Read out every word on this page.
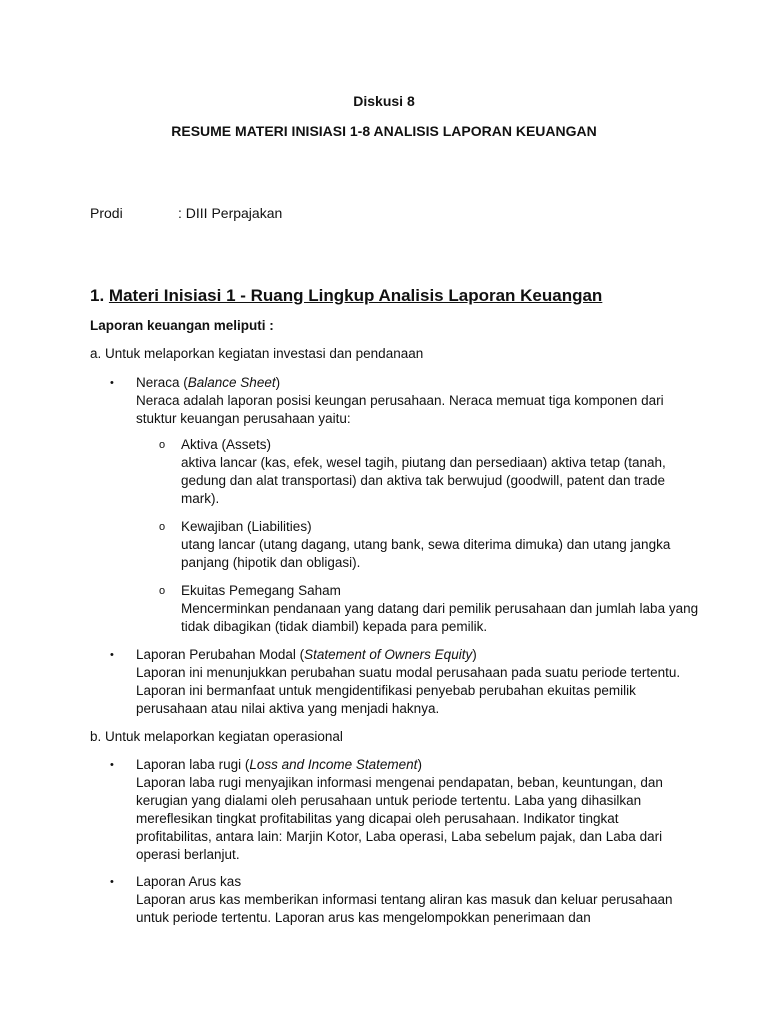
Diskusi 8
RESUME MATERI INISIASI 1-8 ANALISIS LAPORAN KEUANGAN
Prodi	: DIII Perpajakan
1. Materi Inisiasi 1 - Ruang Lingkup Analisis Laporan Keuangan
Laporan keuangan meliputi :
a. Untuk melaporkan kegiatan investasi dan pendanaan
• Neraca (Balance Sheet)
Neraca adalah laporan posisi keungan perusahaan. Neraca memuat tiga komponen dari stuktur keuangan perusahaan yaitu:
o Aktiva (Assets)
aktiva lancar (kas, efek, wesel tagih, piutang dan persediaan) aktiva tetap (tanah, gedung dan alat transportasi) dan aktiva tak berwujud (goodwill, patent dan trade mark).
o Kewajiban (Liabilities)
utang lancar (utang dagang, utang bank, sewa diterima dimuka) dan utang jangka panjang (hipotik dan obligasi).
o Ekuitas Pemegang Saham
Mencerminkan pendanaan yang datang dari pemilik perusahaan dan jumlah laba yang tidak dibagikan (tidak diambil) kepada para pemilik.
• Laporan Perubahan Modal (Statement of Owners Equity)
Laporan ini menunjukkan perubahan suatu modal perusahaan pada suatu periode tertentu. Laporan ini bermanfaat untuk mengidentifikasi penyebab perubahan ekuitas pemilik perusahaan atau nilai aktiva yang menjadi haknya.
b. Untuk melaporkan kegiatan operasional
• Laporan laba rugi (Loss and Income Statement)
Laporan laba rugi menyajikan informasi mengenai pendapatan, beban, keuntungan, dan kerugian yang dialami oleh perusahaan untuk periode tertentu. Laba yang dihasilkan mereflesikan tingkat profitabilitas yang dicapai oleh perusahaan. Indikator tingkat profitabilitas, antara lain: Marjin Kotor, Laba operasi, Laba sebelum pajak, dan Laba dari operasi berlanjut.
• Laporan Arus kas
Laporan arus kas memberikan informasi tentang aliran kas masuk dan keluar perusahaan untuk periode tertentu. Laporan arus kas mengelompokkan penerimaan dan
